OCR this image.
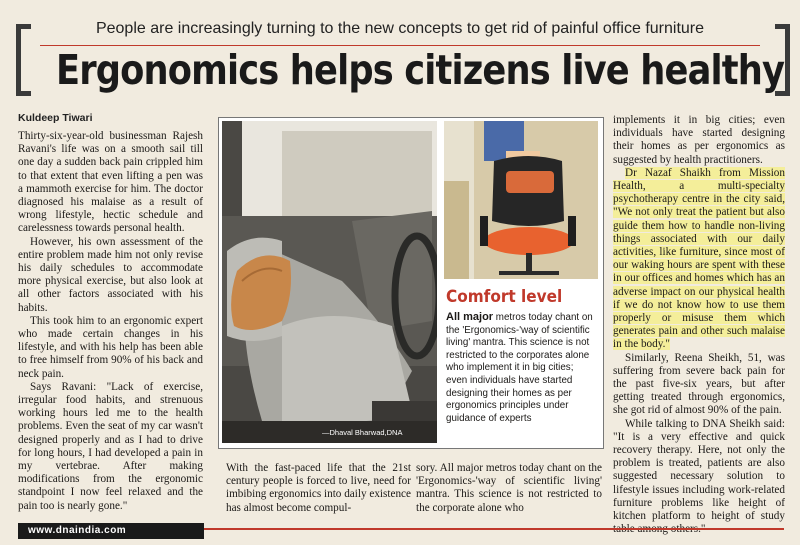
People are increasingly turning to the new concepts to get rid of painful office furniture
Ergonomics helps citizens live healthy
Kuldeep Tiwari

Thirty-six-year-old businessman Rajesh Ravani's life was on a smooth sail till one day a sudden back pain crippled him to that extent that even lifting a pen was a mammoth exercise for him. The doctor diagnosed his malaise as a result of wrong lifestyle, hectic schedule and carelessness towards personal health.

However, his own assessment of the entire problem made him not only revise his daily schedules to accommodate more physical exercise, but also look at all other factors associated with his habits.

This took him to an ergonomic expert who made certain changes in his lifestyle, and with his help has been able to free himself from 90% of his back and neck pain.

Says Ravani: "Lack of exercise, irregular food habits, and strenuous working hours led me to the health problems. Even the seat of my car wasn't designed properly and as I had to drive for long hours, I had developed a pain in my vertebrae. After making modifications from the ergonomic standpoint I now feel relaxed and the pain too is nearly gone."

—Dhaval Bharwad,DNA
Comfort level
All major metros today chant on the 'Ergonomics-'way of scientific living' mantra. This science is not restricted to the corporates alone who implement it in big cities; even individuals have started designing their homes as per ergonomics principles under guidance of experts
With the fast-paced life that the 21st century people is forced to live, need for imbibing ergonomics into daily existence has almost become compul-
sory. All major metros today chant on the 'Ergonomics-'way of scientific living' mantra. This science is not restricted to the corporate alone who

implements it in big cities; even individuals have started designing their homes as per ergonomics as suggested by health practitioners.

Dr Nazaf Shaikh from Mission Health, a multi-specialty psychotherapy centre in the city said, "We not only treat the patient but also guide them how to handle non-living things associated with our daily activities, like furniture, since most of our waking hours are spent with these in our offices and homes which has an adverse impact on our physical health if we do not know how to use them properly or misuse them which generates pain and other such malaise in the body."

Similarly, Reena Sheikh, 51, was suffering from severe back pain for the past five-six years, but after getting treated through ergonomics, she got rid of almost 90% of the pain.

While talking to DNA Sheikh said: "It is a very effective and quick recovery therapy. Here, not only the problem is treated, patients are also suggested necessary solution to lifestyle issues including work-related furniture problems like height of kitchen platform to height of study

www.dnaindia.com
